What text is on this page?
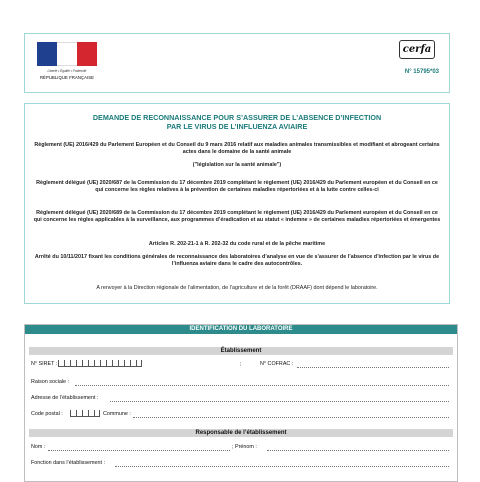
Liberté • Égalité • Fraternité
RÉPUBLIQUE FRANÇAISE
cerfa
N° 15795*03
DEMANDE DE RECONNAISSANCE POUR S’ASSURER DE L’ABSENCE D’INFECTION
PAR LE VIRUS DE L’INFLUENZA AVIAIRE
Règlement (UE) 2016/429 du Parlement Européen et du Conseil du 9 mars 2016 relatif aux maladies animales transmissibles et modifiant et abrogeant certains actes dans le domaine de la santé animale
("législation sur la santé animale")
Règlement délégué (UE) 2020/687 de la Commission du 17 décembre 2019 complétant le règlement (UE) 2016/429 du Parlement européen et du Conseil en ce qui concerne les règles relatives à la prévention de certaines maladies répertoriées et à la lutte contre celles-ci
Règlement délégué (UE) 2020/689 de la Commission du 17 décembre 2019 complétant le règlement (UE) 2016/429 du Parlement européen et du Conseil en ce qui concerne les règles applicables à la surveillance, aux programmes d’éradication et au statut « indemne » de certaines maladies répertoriées et émergentes
Articles R. 202-21-1 à R. 202-32 du code rural et de la pêche maritime
Arrêté du 10/11/2017 fixant les conditions générales de reconnaissance des laboratoires d’analyse en vue de s’assurer de l’absence d’infection par le virus de l’influenza aviaire dans le cadre des autocontrôles.
A renvoyer à la Direction régionale de l’alimentation, de l’agriculture et de la forêt (DRAAF) dont dépend le laboratoire.
IDENTIFICATION DU LABORATOIRE
Établissement
N° SIRET :	;	N° COFRAC :
Raison sociale :
Adresse de l’établissement :
Code postal :	Commune :
Responsable de l’établissement
Nom :	; Prénom :
Fonction dans l’établissement :
